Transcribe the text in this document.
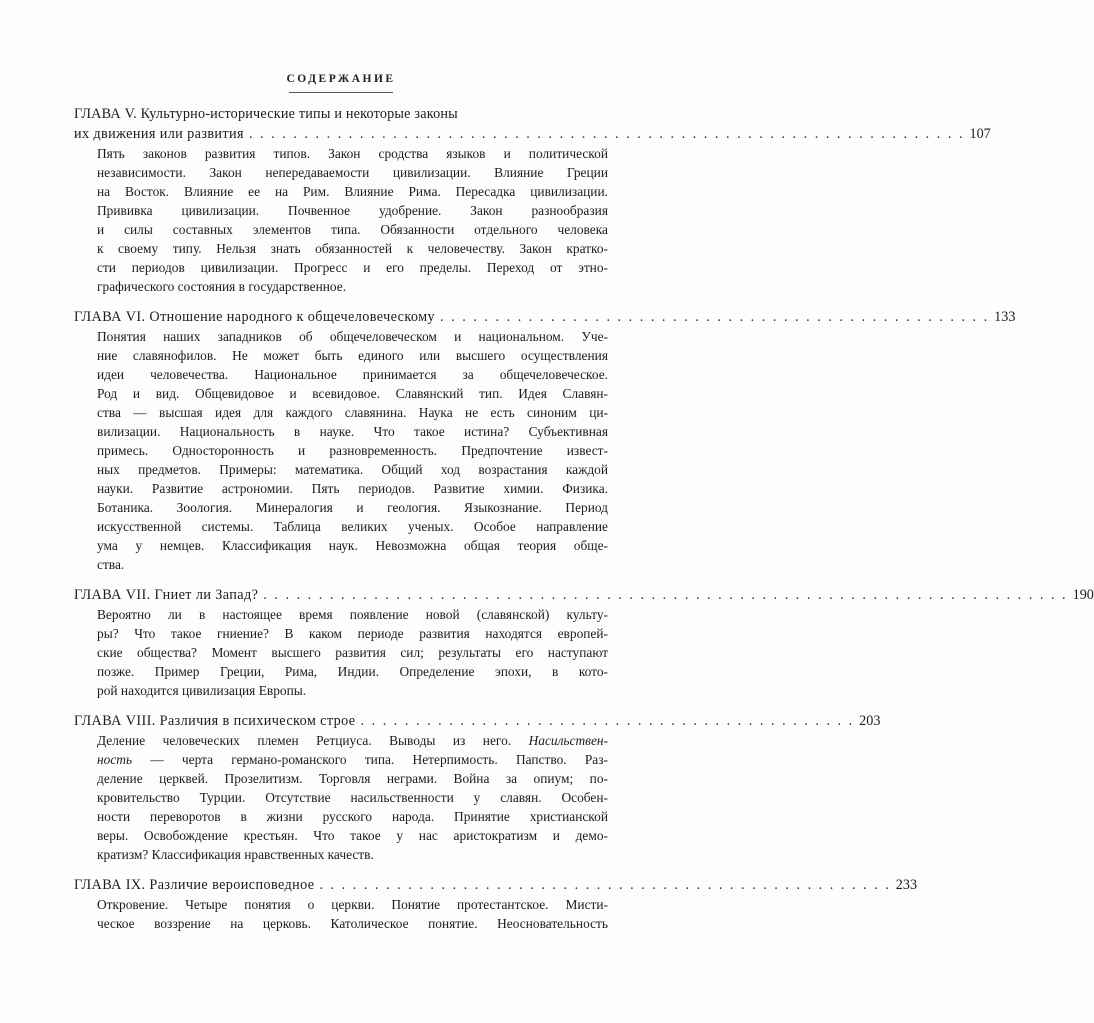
СОДЕРЖАНИЕ
ГЛАВА V. Культурно-исторические типы и некоторые законы
их движения или развития . . . . . . . . . . . . . . . . . . . . . . . . . . . . . . . . . . . . . . . . . . . . . . . . . . . . . . . . . . . . . . . . . 107
Пять законов развития типов. Закон сродства языков и политической
независимости. Закон непередаваемости цивилизации. Влияние Греции
на Восток. Влияние ее на Рим. Влияние Рима. Пересадка цивилизации.
Прививка цивилизации. Почвенное удобрение. Закон разнообразия
и силы составных элементов типа. Обязанности отдельного человека
к своему типу. Нельзя знать обязанностей к человечеству. Закон кратко-
сти периодов цивилизации. Прогресс и его пределы. Переход от этно-
графического состояния в государственное.
ГЛАВА VI. Отношение народного к общечеловеческому . . . . . . . . . . . . . . . . . . . . . . . . . . . . . . . . . . . . . . . . . . . . . . . . . . 133
Понятия наших западников об общечеловеческом и национальном. Уче-
ние славянофилов. Не может быть единого или высшего осуществления
идеи человечества. Национальное принимается за общечеловеческое.
Род и вид. Общевидовое и всевидовое. Славянский тип. Идея Славян-
ства — высшая идея для каждого славянина. Наука не есть синоним ци-
вилизации. Национальность в науке. Что такое истина? Субъективная
примесь. Односторонность и разновременность. Предпочтение извест-
ных предметов. Примеры: математика. Общий ход возрастания каждой
науки. Развитие астрономии. Пять периодов. Развитие химии. Физика.
Ботаника. Зоология. Минералогия и геология. Языкознание. Период
искусственной системы. Таблица великих ученых. Особое направление
ума у немцев. Классификация наук. Невозможна общая теория обще-
ства.
ГЛАВА VII. Гниет ли Запад? . . . . . . . . . . . . . . . . . . . . . . . . . . . . . . . . . . . . . . . . . . . . . . . . . . . . . . . . . . . . . . . . . . . . . . . . . 190
Вероятно ли в настоящее время появление новой (славянской) культу-
ры? Что такое гниение? В каком периоде развития находятся европей-
ские общества? Момент высшего развития сил; результаты его наступают
позже. Пример Греции, Рима, Индии. Определение эпохи, в кото-
рой находится цивилизация Европы.
ГЛАВА VIII. Различия в психическом строе . . . . . . . . . . . . . . . . . . . . . . . . . . . . . . . . . . . . . . . . . . . . . 203
Деление человеческих племен Ретциуса. Выводы из него. Насильствен-
ность — черта германо-романского типа. Нетерпимость. Папство. Раз-
деление церквей. Прозелитизм. Торговля неграми. Война за опиум; по-
кровительство Турции. Отсутствие насильственности у славян. Особен-
ности переворотов в жизни русского народа. Принятие христианской
веры. Освобождение крестьян. Что такое у нас аристократизм и демо-
кратизм? Классификация нравственных качеств.
ГЛАВА IX. Различие вероисповедное . . . . . . . . . . . . . . . . . . . . . . . . . . . . . . . . . . . . . . . . . . . . . . . . . . . . 233
Откровение. Четыре понятия о церкви. Понятие протестантское. Мисти-
ческое воззрение на церковь. Католическое понятие. Неосновательность
